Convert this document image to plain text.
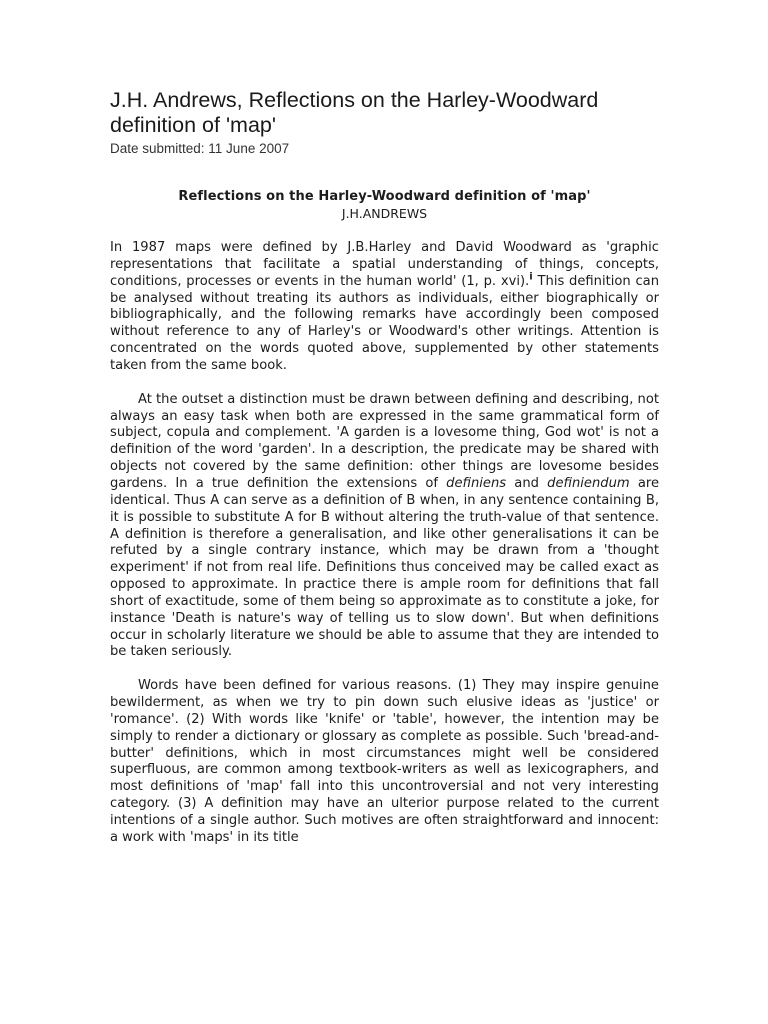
J.H. Andrews, Reflections on the Harley-Woodward definition of 'map'

Date submitted: 11 June 2007

Reflections on the Harley-Woodward definition of 'map'

J.H.ANDREWS

In 1987 maps were defined by J.B.Harley and David Woodward as 'graphic representations that facilitate a spatial understanding of things, concepts, conditions, processes or events in the human world' (1, p. xvi).$^i$ This definition can be analysed without treating its authors as individuals, either biographically or bibliographically, and the following remarks have accordingly been composed without reference to any of Harley's or Woodward's other writings. Attention is concentrated on the words quoted above, supplemented by other statements taken from the same book.

At the outset a distinction must be drawn between defining and describing, not always an easy task when both are expressed in the same grammatical form of subject, copula and complement. 'A garden is a lovesome thing, God wot' is not a definition of the word 'garden'. In a description, the predicate may be shared with objects not covered by the same definition: other things are lovesome besides gardens. In a true definition the extensions of definiens and definiendum are identical. Thus A can serve as a definition of B when, in any sentence containing B, it is possible to substitute A for B without altering the truth-value of that sentence. A definition is therefore a generalisation, and like other generalisations it can be refuted by a single contrary instance, which may be drawn from a 'thought experiment' if not from real life. Definitions thus conceived may be called exact as opposed to approximate. In practice there is ample room for definitions that fall short of exactitude, some of them being so approximate as to constitute a joke, for instance 'Death is nature's way of telling us to slow down'. But when definitions occur in scholarly literature we should be able to assume that they are intended to be taken seriously.

Words have been defined for various reasons. (1) They may inspire genuine bewilderment, as when we try to pin down such elusive ideas as 'justice' or 'romance'. (2) With words like 'knife' or 'table', however, the intention may be simply to render a dictionary or glossary as complete as possible. Such 'bread-and-butter' definitions, which in most circumstances might well be considered superfluous, are common among textbook-writers as well as lexicographers, and most definitions of 'map' fall into this uncontroversial and not very interesting category. (3) A definition may have an ulterior purpose related to the current intentions of a single author. Such motives are often straightforward and innocent: a work with 'maps' in its title
